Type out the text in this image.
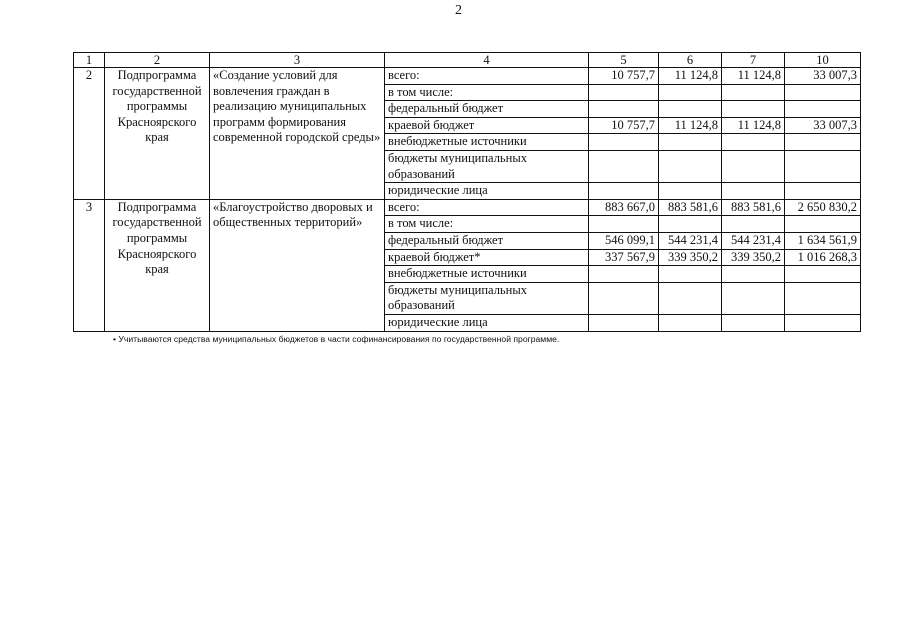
2
1	2	3	4	5	6	7	10
2	Подпрограмма государственной программы Красноярского края	«Создание условий для вовлечения граждан в реализацию муниципальных программ формирования современной городской среды»	всего:	10 757,7	11 124,8	11 124,8	33 007,3
			в том числе:				
			федеральный бюджет				
			краевой бюджет	10 757,7	11 124,8	11 124,8	33 007,3
			внебюджетные источники				
			бюджеты муниципальных образований				
			юридические лица				
3	Подпрограмма государственной программы Красноярского края	«Благоустройство дворовых и общественных территорий»	всего:	883 667,0	883 581,6	883 581,6	2 650 830,2
			в том числе:				
			федеральный бюджет	546 099,1	544 231,4	544 231,4	1 634 561,9
			краевой бюджет*	337 567,9	339 350,2	339 350,2	1 016 268,3
			внебюджетные источники				
			бюджеты муниципальных образований				
			юридические лица				
• Учитываются средства муниципальных бюджетов в части софинансирования по государственной программе.
